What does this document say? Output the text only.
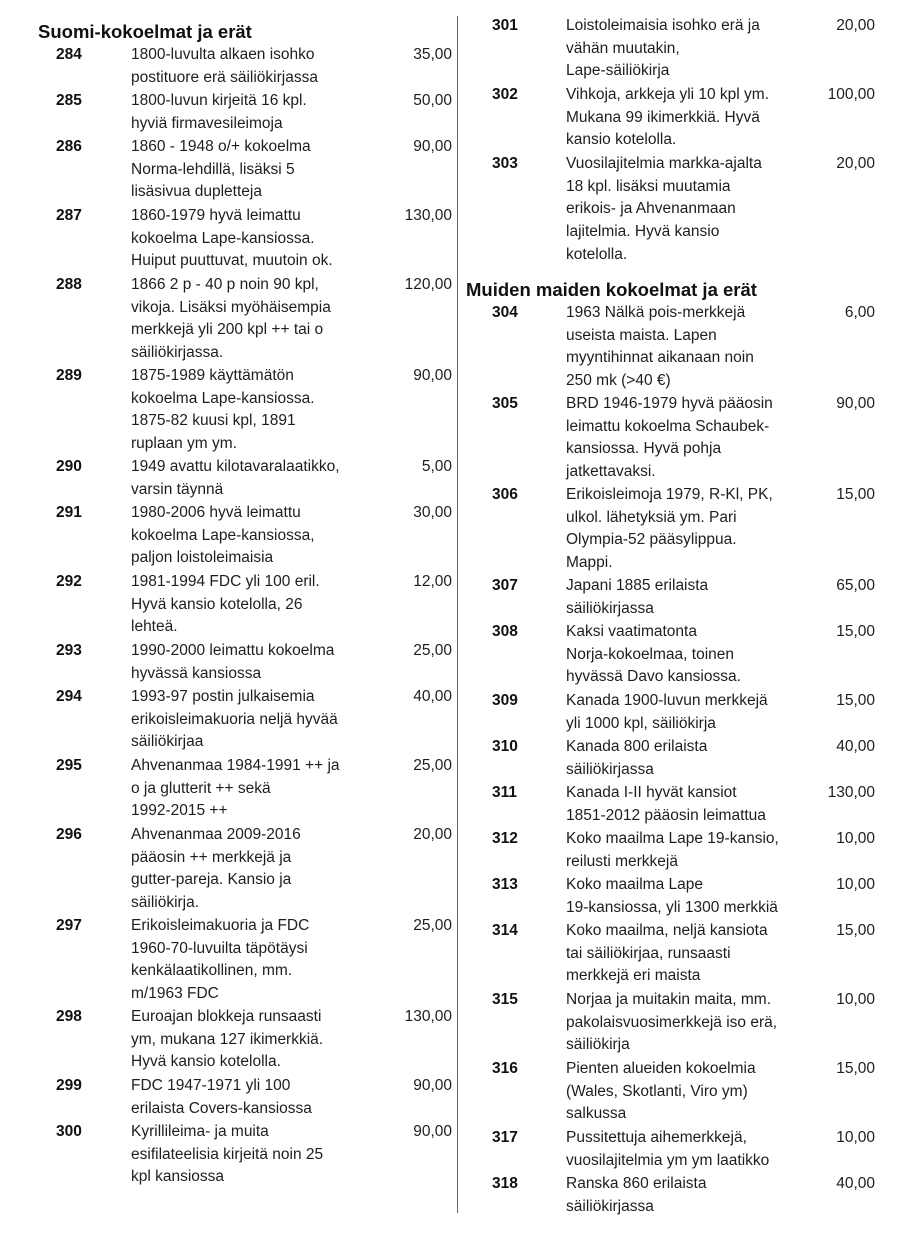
Suomi-kokoelmat ja erät
284	1800-luvulta alkaen isohko
postituore erä säiliökirjassa
35,00
285	1800-luvun kirjeitä 16 kpl.
hyviä firmavesileimoja
50,00
286	1860 - 1948 o/+ kokoelma
Norma-lehdillä, lisäksi 5
lisäsivua dupletteja
90,00
287	1860-1979 hyvä leimattu
kokoelma Lape-kansiossa.
Huiput puuttuvat, muutoin ok.
130,00
288	1866 2 p - 40 p noin 90 kpl,
vikoja. Lisäksi myöhäisempia
merkkejä yli 200 kpl ++ tai o
säiliökirjassa.
120,00
289	1875-1989 käyttämätön
kokoelma Lape-kansiossa.
1875-82 kuusi kpl, 1891
ruplaan ym ym.
90,00
290	1949 avattu kilotavaralaatikko,
varsin täynnä
5,00
291	1980-2006 hyvä leimattu
kokoelma Lape-kansiossa,
paljon loistoleimaisia
30,00
292	1981-1994 FDC yli 100 eril.
Hyvä kansio kotelolla, 26
lehteä.
12,00
293	1990-2000 leimattu kokoelma
hyvässä kansiossa
25,00
294	1993-97 postin julkaisemia
erikoisleimakuoria neljä hyvää
säiliökirjaa
40,00
295	Ahvenanmaa 1984-1991 ++ ja
o ja glutterit ++ sekä
1992-2015 ++
25,00
296	Ahvenanmaa 2009-2016
pääosin ++ merkkejä ja
gutter-pareja. Kansio ja
säiliökirja.
20,00
297	Erikoisleimakuoria ja FDC
1960-70-luvuilta täpötäysi
kenkälaatikollinen, mm.
m/1963 FDC
25,00
298	Euroajan blokkeja runsaasti
ym, mukana 127 ikimerkkiä.
Hyvä kansio kotelolla.
130,00
299	FDC 1947-1971 yli 100
erilaista Covers-kansiossa
90,00
300	Kyrillileima- ja muita
esifilateelisia kirjeitä noin 25
kpl kansiossa
90,00
301	Loistoleimaisia isohko erä ja
vähän muutakin,
Lape-säiliökirja
20,00
302	Vihkoja, arkkeja yli 10 kpl ym.
Mukana 99 ikimerkkiä. Hyvä
kansio kotelolla.
100,00
303	Vuosilajitelmia markka-ajalta
18 kpl. lisäksi muutamia
erikois- ja Ahvenanmaan
lajitelmia. Hyvä kansio
kotelolla.
20,00
Muiden maiden kokoelmat ja erät
304	1963 Nälkä pois-merkkejä
useista maista. Lapen
myyntihinnat aikanaan noin
250 mk (>40 €)
6,00
305	BRD 1946-1979 hyvä pääosin
leimattu kokoelma Schaubek-
kansiossa. Hyvä pohja
jatkettavaksi.
90,00
306	Erikoisleimoja 1979, R-Kl, PK,
ulkol. lähetyksiä ym. Pari
Olympia-52 pääsylippua.
Mappi.
15,00
307	Japani 1885 erilaista
säiliökirjassa
65,00
308	Kaksi vaatimatonta
Norja-kokoelmaa, toinen
hyvässä Davo kansiossa.
15,00
309	Kanada 1900-luvun merkkejä
yli 1000 kpl, säiliökirja
15,00
310	Kanada 800 erilaista
säiliökirjassa
40,00
311	Kanada I-II hyvät kansiot
1851-2012 pääosin leimattua
130,00
312	Koko maailma Lape 19-kansio,
reilusti merkkejä
10,00
313	Koko maailma Lape
19-kansiossa, yli 1300 merkkiä
10,00
314	Koko maailma, neljä kansiota
tai säiliökirjaa, runsaasti
merkkejä eri maista
15,00
315	Norjaa ja muitakin maita, mm.
pakolaisvuosimerkkejä iso erä,
säiliökirja
10,00
316	Pienten alueiden kokoelmia
(Wales, Skotlanti, Viro ym)
salkussa
15,00
317	Pussitettuja aihemerkkejä,
vuosilajitelmia ym ym laatikko
10,00
318	Ranska 860 erilaista
säiliökirjassa
40,00
